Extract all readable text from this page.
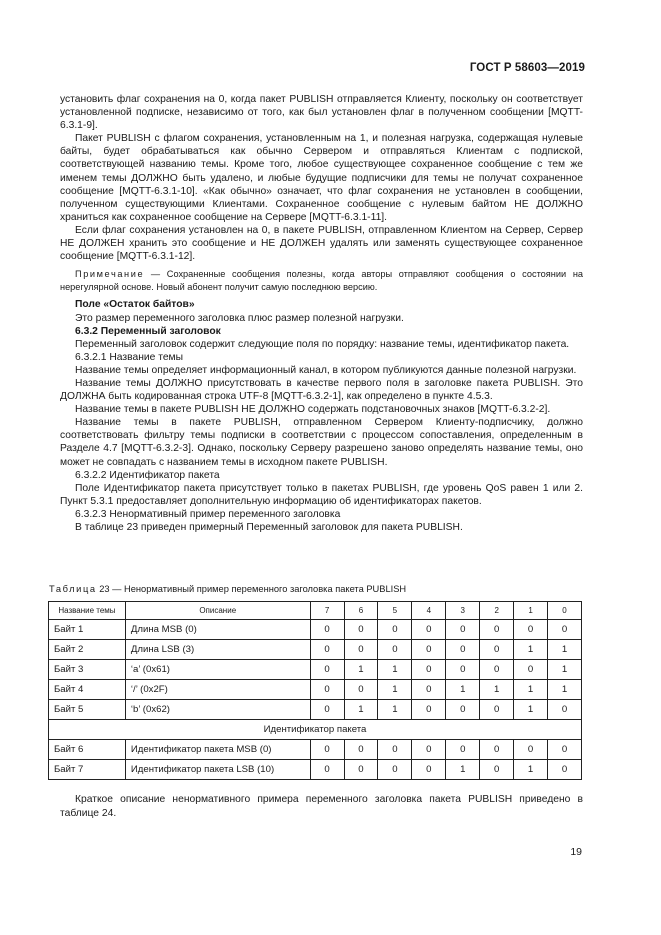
ГОСТ Р 58603—2019

установить флаг сохранения на 0, когда пакет PUBLISH отправляется Клиенту, поскольку он соответствует установленной подписке, независимо от того, как был установлен флаг в полученном сообщении [MQTT-6.3.1-9].

Пакет PUBLISH с флагом сохранения, установленным на 1, и полезная нагрузка, содержащая нулевые байты, будет обрабатываться как обычно Сервером и отправляться Клиентам с подпиской, соответствующей названию темы. Кроме того, любое существующее сохраненное сообщение с тем же именем темы ДОЛЖНО быть удалено, и любые будущие подписчики для темы не получат сохраненное сообщение [MQTT-6.3.1-10]. «Как обычно» означает, что флаг сохранения не установлен в сообщении, полученном существующими Клиентами. Сохраненное сообщение с нулевым байтом НЕ ДОЛЖНО храниться как сохраненное сообщение на Сервере [MQTT-6.3.1-11].

Если флаг сохранения установлен на 0, в пакете PUBLISH, отправленном Клиентом на Сервер, Сервер НЕ ДОЛЖЕН хранить это сообщение и НЕ ДОЛЖЕН удалять или заменять существующее сохраненное сообщение [MQTT-6.3.1-12].

Примечание — Сохраненные сообщения полезны, когда авторы отправляют сообщения о состоянии на нерегулярной основе. Новый абонент получит самую последнюю версию.

Поле «Остаток байтов»

Это размер переменного заголовка плюс размер полезной нагрузки.

6.3.2 Переменный заголовок

Переменный заголовок содержит следующие поля по порядку: название темы, идентификатор пакета.

6.3.2.1 Название темы

Название темы определяет информационный канал, в котором публикуются данные полезной нагрузки.

Название темы ДОЛЖНО присутствовать в качестве первого поля в заголовке пакета PUBLISH. Это ДОЛЖНА быть кодированная строка UTF-8 [MQTT-6.3.2-1], как определено в пункте 4.5.3.

Название темы в пакете PUBLISH НЕ ДОЛЖНО содержать подстановочных знаков [MQTT-6.3.2-2].

Название темы в пакете PUBLISH, отправленном Сервером Клиенту-подписчику, должно соответствовать фильтру темы подписки в соответствии с процессом сопоставления, определенным в Разделе 4.7 [MQTT-6.3.2-3]. Однако, поскольку Серверу разрешено заново определять название темы, оно может не совпадать с названием темы в исходном пакете PUBLISH.

6.3.2.2 Идентификатор пакета

Поле Идентификатор пакета присутствует только в пакетах PUBLISH, где уровень QoS равен 1 или 2. Пункт 5.3.1 предоставляет дополнительную информацию об идентификаторах пакетов.

6.3.2.3 Ненормативный пример переменного заголовка

В таблице 23 приведен примерный Переменный заголовок для пакета PUBLISH.

Таблица 23 — Ненормативный пример переменного заголовка пакета PUBLISH
Название темы	Описание	7	6	5	4	3	2	1	0
Байт 1	Длина MSB (0)	0	0	0	0	0	0	0	0
Байт 2	Длина LSB (3)	0	0	0	0	0	0	1	1
Байт 3	‘a’ (0x61)	0	1	1	0	0	0	0	1
Байт 4	‘/’ (0x2F)	0	0	1	0	1	1	1	1
Байт 5	‘b’ (0x62)	0	1	1	0	0	0	1	0
Идентификатор пакета									
Байт 6	Идентификатор пакета MSB (0)	0	0	0	0	0	0	0	0
Байт 7	Идентификатор пакета LSB (10)	0	0	0	0	1	0	1	0
Краткое описание ненормативного примера переменного заголовка пакета PUBLISH приведено в таблице 24.
19
